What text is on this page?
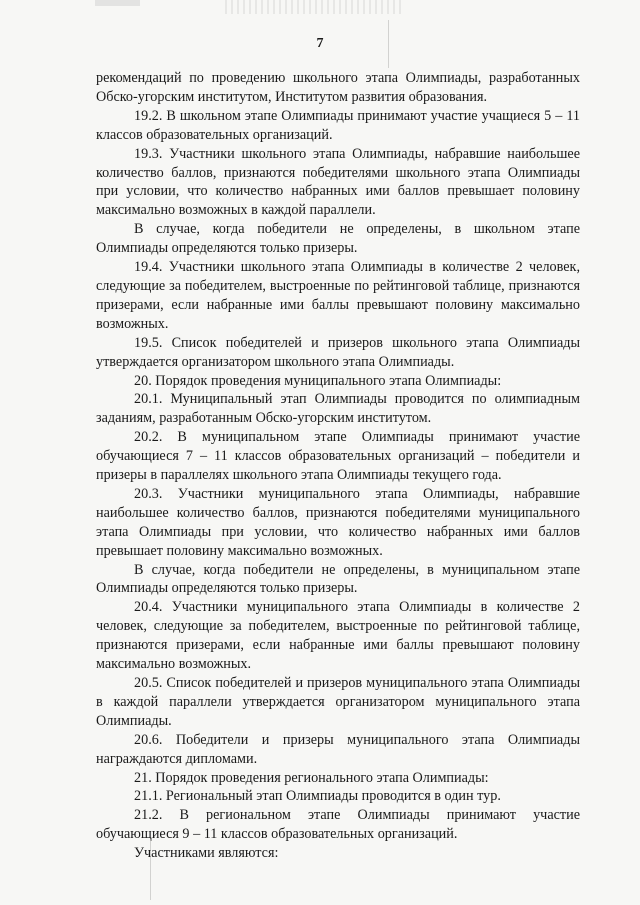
7

рекомендаций по проведению школьного этапа Олимпиады, разработанных Обско-угорским институтом, Институтом развития образования.

19.2. В школьном этапе Олимпиады принимают участие учащиеся 5 – 11 классов образовательных организаций.

19.3. Участники школьного этапа Олимпиады, набравшие наибольшее количество баллов, признаются победителями школьного этапа Олимпиады при условии, что количество набранных ими баллов превышает половину максимально возможных в каждой параллели.

В случае, когда победители не определены, в школьном этапе Олимпиады определяются только призеры.

19.4. Участники школьного этапа Олимпиады в количестве 2 человек, следующие за победителем, выстроенные по рейтинговой таблице, признаются призерами, если набранные ими баллы превышают половину максимально возможных.

19.5. Список победителей и призеров школьного этапа Олимпиады утверждается организатором школьного этапа Олимпиады.

20. Порядок проведения муниципального этапа Олимпиады:

20.1. Муниципальный этап Олимпиады проводится по олимпиадным заданиям, разработанным Обско-угорским институтом.

20.2. В муниципальном этапе Олимпиады принимают участие обучающиеся 7 – 11 классов образовательных организаций – победители и призеры в параллелях школьного этапа Олимпиады текущего года.

20.3. Участники муниципального этапа Олимпиады, набравшие наибольшее количество баллов, признаются победителями муниципального этапа Олимпиады при условии, что количество набранных ими баллов превышает половину максимально возможных.

В случае, когда победители не определены, в муниципальном этапе Олимпиады определяются только призеры.

20.4. Участники муниципального этапа Олимпиады в количестве 2 человек, следующие за победителем, выстроенные по рейтинговой таблице, признаются призерами, если набранные ими баллы превышают половину максимально возможных.

20.5. Список победителей и призеров муниципального этапа Олимпиады в каждой параллели утверждается организатором муниципального этапа Олимпиады.

20.6. Победители и призеры муниципального этапа Олимпиады награждаются дипломами.

21. Порядок проведения регионального этапа Олимпиады:

21.1. Региональный этап Олимпиады проводится в один тур.

21.2. В региональном этапе Олимпиады принимают участие обучающиеся 9 – 11 классов образовательных организаций.

Участниками являются:
